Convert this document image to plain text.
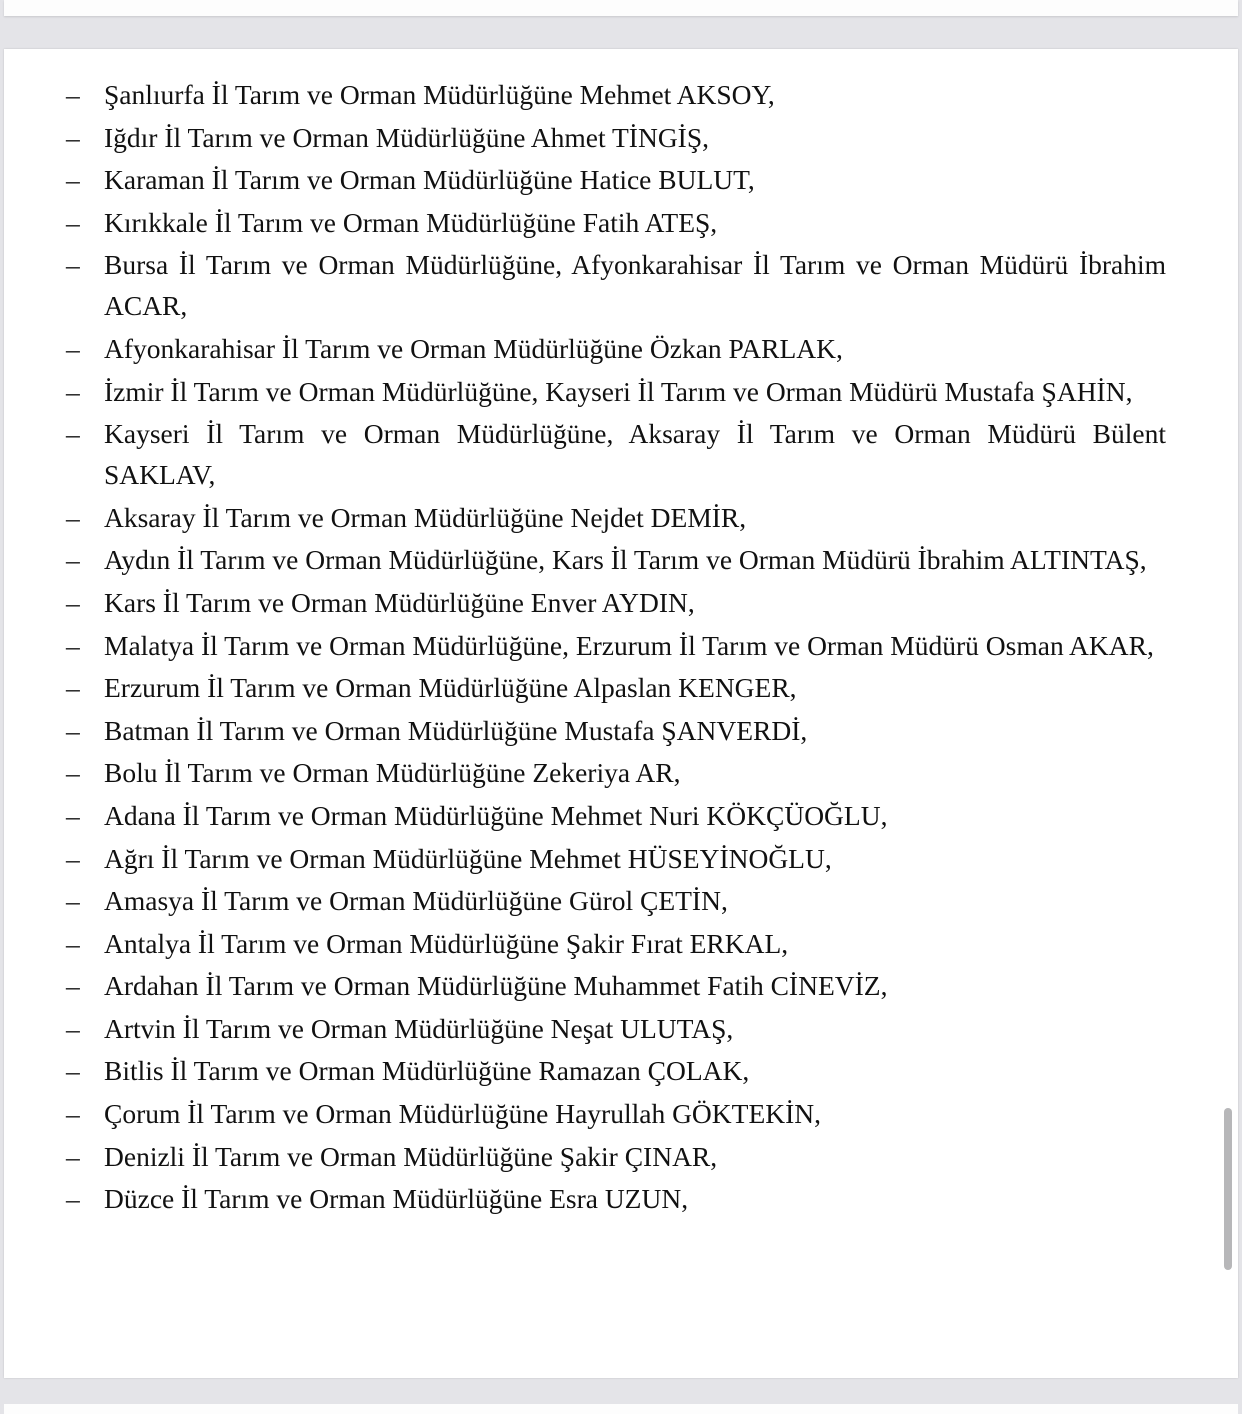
– Şanlıurfa İl Tarım ve Orman Müdürlüğüne Mehmet AKSOY,
– Iğdır İl Tarım ve Orman Müdürlüğüne Ahmet TİNGİŞ,
– Karaman İl Tarım ve Orman Müdürlüğüne Hatice BULUT,
– Kırıkkale İl Tarım ve Orman Müdürlüğüne Fatih ATEŞ,
– Bursa İl Tarım ve Orman Müdürlüğüne, Afyonkarahisar İl Tarım ve Orman Müdürü İbrahim ACAR,
– Afyonkarahisar İl Tarım ve Orman Müdürlüğüne Özkan PARLAK,
– İzmir İl Tarım ve Orman Müdürlüğüne, Kayseri İl Tarım ve Orman Müdürü Mustafa ŞAHİN,
– Kayseri İl Tarım ve Orman Müdürlüğüne, Aksaray İl Tarım ve Orman Müdürü Bülent SAKLAV,
– Aksaray İl Tarım ve Orman Müdürlüğüne Nejdet DEMİR,
– Aydın İl Tarım ve Orman Müdürlüğüne, Kars İl Tarım ve Orman Müdürü İbrahim ALTINTAŞ,
– Kars İl Tarım ve Orman Müdürlüğüne Enver AYDIN,
– Malatya İl Tarım ve Orman Müdürlüğüne, Erzurum İl Tarım ve Orman Müdürü Osman AKAR,
– Erzurum İl Tarım ve Orman Müdürlüğüne Alpaslan KENGER,
– Batman İl Tarım ve Orman Müdürlüğüne Mustafa ŞANVERDİ,
– Bolu İl Tarım ve Orman Müdürlüğüne Zekeriya AR,
– Adana İl Tarım ve Orman Müdürlüğüne Mehmet Nuri KÖKÇÜOĞLU,
– Ağrı İl Tarım ve Orman Müdürlüğüne Mehmet HÜSEYİNOĞLU,
– Amasya İl Tarım ve Orman Müdürlüğüne Gürol ÇETİN,
– Antalya İl Tarım ve Orman Müdürlüğüne Şakir Fırat ERKAL,
– Ardahan İl Tarım ve Orman Müdürlüğüne Muhammet Fatih CİNEVİZ,
– Artvin İl Tarım ve Orman Müdürlüğüne Neşat ULUTAŞ,
– Bitlis İl Tarım ve Orman Müdürlüğüne Ramazan ÇOLAK,
– Çorum İl Tarım ve Orman Müdürlüğüne Hayrullah GÖKTEKİN,
– Denizli İl Tarım ve Orman Müdürlüğüne Şakir ÇINAR,
– Düzce İl Tarım ve Orman Müdürlüğüne Esra UZUN,
